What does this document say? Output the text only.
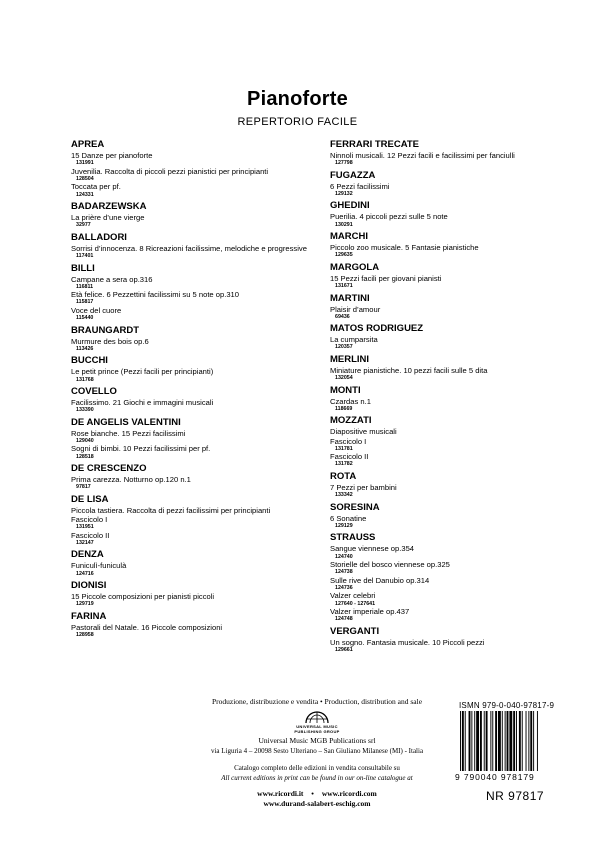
Pianoforte
REPERTORIO FACILE
APREA
15 Danze per pianoforte
131991
Juvenilia. Raccolta di piccoli pezzi pianistici per principianti
128504
Toccata per pf.
124331
BADARZEWSKA
La prière d’une vierge
32977
BALLADORI
Sorrisi d’innocenza. 8 Ricreazioni facilissime, melodiche e progressive
117401
BILLI
Campane a sera op.316
116811
Età felice. 6 Pezzettini facilissimi su 5 note op.310
115817
Voce del cuore
115440
BRAUNGARDT
Murmure des bois op.6
113426
BUCCHI
Le petit prince (Pezzi facili per principianti)
131768
COVELLO
Facilissimo. 21 Giochi e immagini musicali
133390
DE ANGELIS VALENTINI
Rose bianche. 15 Pezzi facilissimi
129040
Sogni di bimbi. 10 Pezzi facilissimi per pf.
128518
DE CRESCENZO
Prima carezza. Notturno op.120 n.1
97817
DE LISA
Piccola tastiera. Raccolta di pezzi facilissimi per principianti
Fascicolo I
131951
Fascicolo II
132147
DENZA
Funiculì-funiculà
124716
DIONISI
15 Piccole composizioni per pianisti piccoli
129719
FARINA
Pastorali del Natale. 16 Piccole composizioni
128958
FERRARI TRECATE
Ninnoli musicali. 12 Pezzi facili e facilissimi per fanciulli
127798
FUGAZZA
6 Pezzi facilissimi
129132
GHEDINI
Puerilia. 4 piccoli pezzi sulle 5 note
130291
MARCHI
Piccolo zoo musicale. 5 Fantasie pianistiche
129635
MARGOLA
15 Pezzi facili per giovani pianisti
131671
MARTINI
Plaisir d’amour
69436
MATOS RODRIGUEZ
La cumparsita
120357
MERLINI
Miniature pianistiche. 10 pezzi facili sulle 5 dita
132054
MONTI
Czardas n.1
118669
MOZZATI
Diapositive musicali
Fascicolo I
131781
Fascicolo II
131782
ROTA
7 Pezzi per bambini
133342
SORESINA
6 Sonatine
129129
STRAUSS
Sangue viennese op.354
124740
Storielle del bosco viennese op.325
124738
Sulle rive del Danubio op.314
124736
Valzer celebri
127640 - 127641
Valzer imperiale op.437
124748
VERGANTI
Un sogno. Fantasia musicale. 10 Piccoli pezzi
129661
Produzione, distribuzione e vendita • Production, distribution and sale
UNIVERSAL MUSIC PUBLISHING GROUP
Universal Music MGB Publications srl
via Liguria 4 – 20098 Sesto Ulteriano – San Giuliano Milanese (MI) - Italia
Catalogo completo delle edizioni in vendita consultabile su
All current editions in print can be found in our on-line catalogue at
www.ricordi.it • www.ricordi.com
www.durand-salabert-eschig.com
ISMN 979-0-040-97817-9
9 790040 978179
NR 97817
